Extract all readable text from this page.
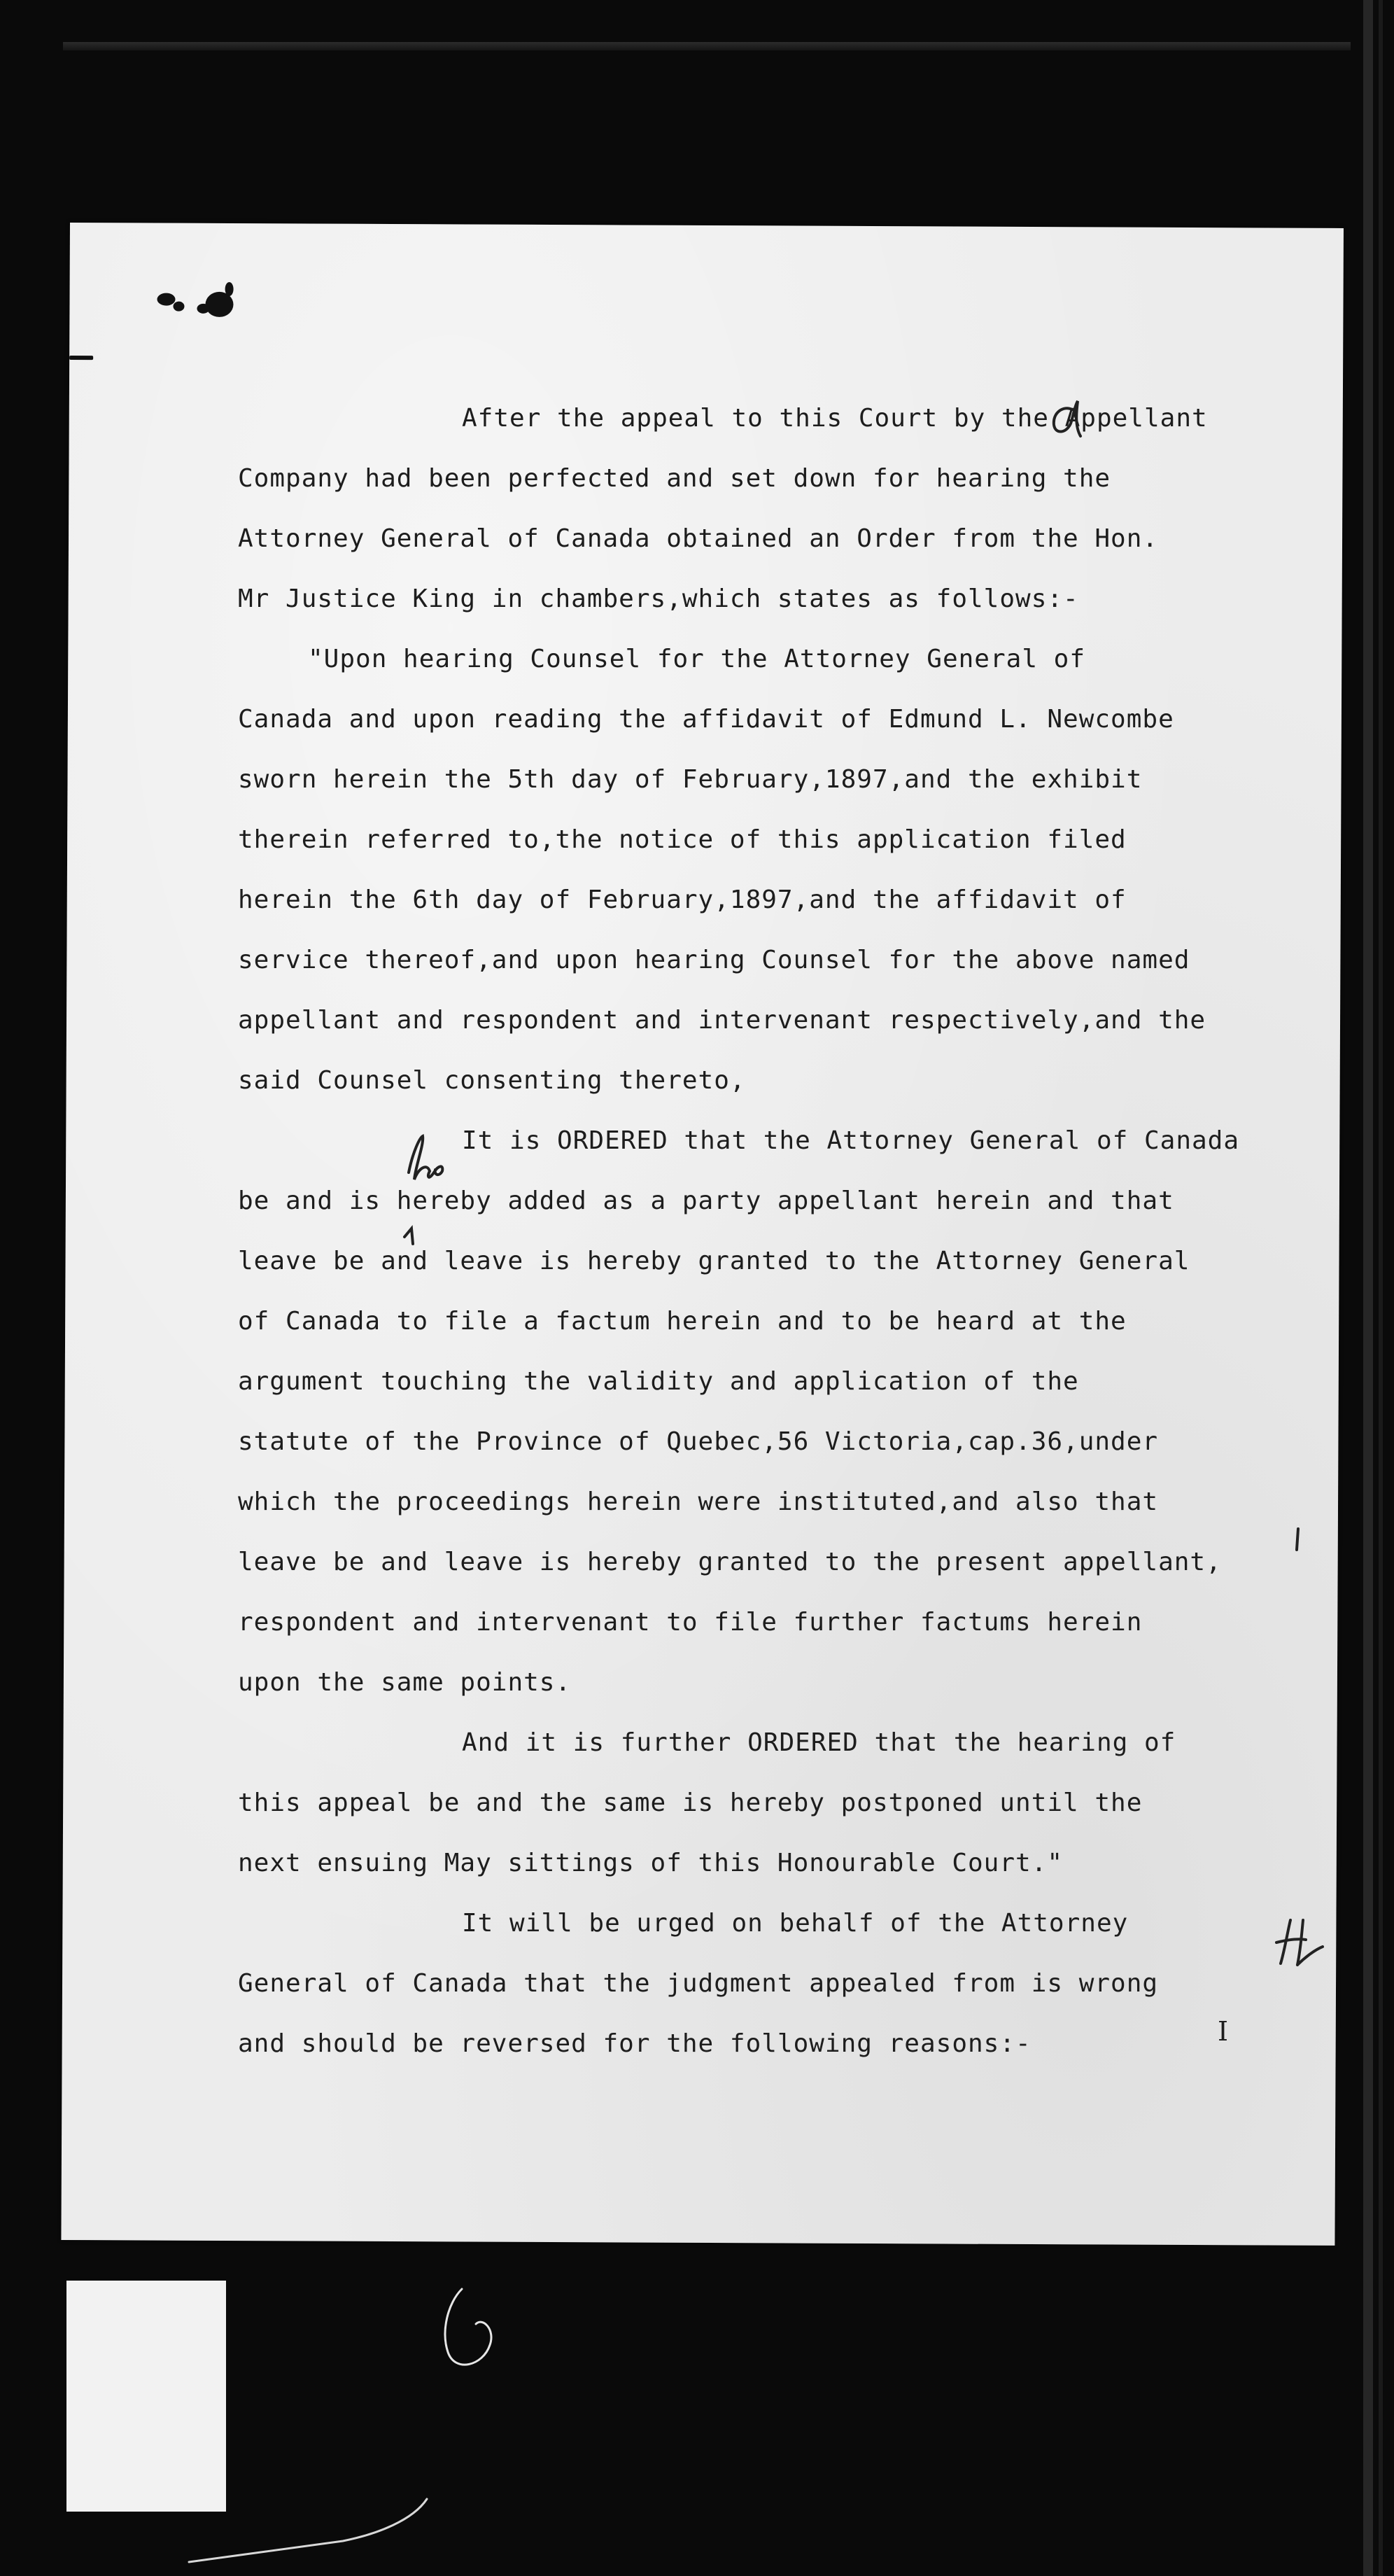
After the appeal to this Court by the Appellant
Company had been perfected and set down for hearing the
Attorney General of Canada obtained an Order from the Hon.
Mr Justice King in chambers,which states as follows:-
"Upon hearing Counsel for the Attorney General of
Canada and upon reading the affidavit of Edmund L. Newcombe
sworn herein the 5th day of February,1897,and the exhibit
therein referred to,the notice of this application filed
herein the 6th day of February,1897,and the affidavit of
service thereof,and upon hearing Counsel for the above named
appellant and respondent and intervenant respectively,and the
said Counsel consenting thereto,
It is ORDERED that the Attorney General of Canada
be and is hereby added as a party appellant herein and that
leave be and leave is hereby granted to the Attorney General
of Canada to file a factum herein and to be heard at the
argument touching the validity and application of the
statute of the Province of Quebec,56 Victoria,cap.36,under
which the proceedings herein were instituted,and also that
leave be and leave is hereby granted to the present appellant,
respondent and intervenant to file further factums herein
upon the same points.
And it is further ORDERED that the hearing of
this appeal be and the same is hereby postponed until the
next ensuing May sittings of this Honourable Court."
It will be urged on behalf of the Attorney
General of Canada that the judgment appealed from is wrong
and should be reversed for the following reasons:-	I
